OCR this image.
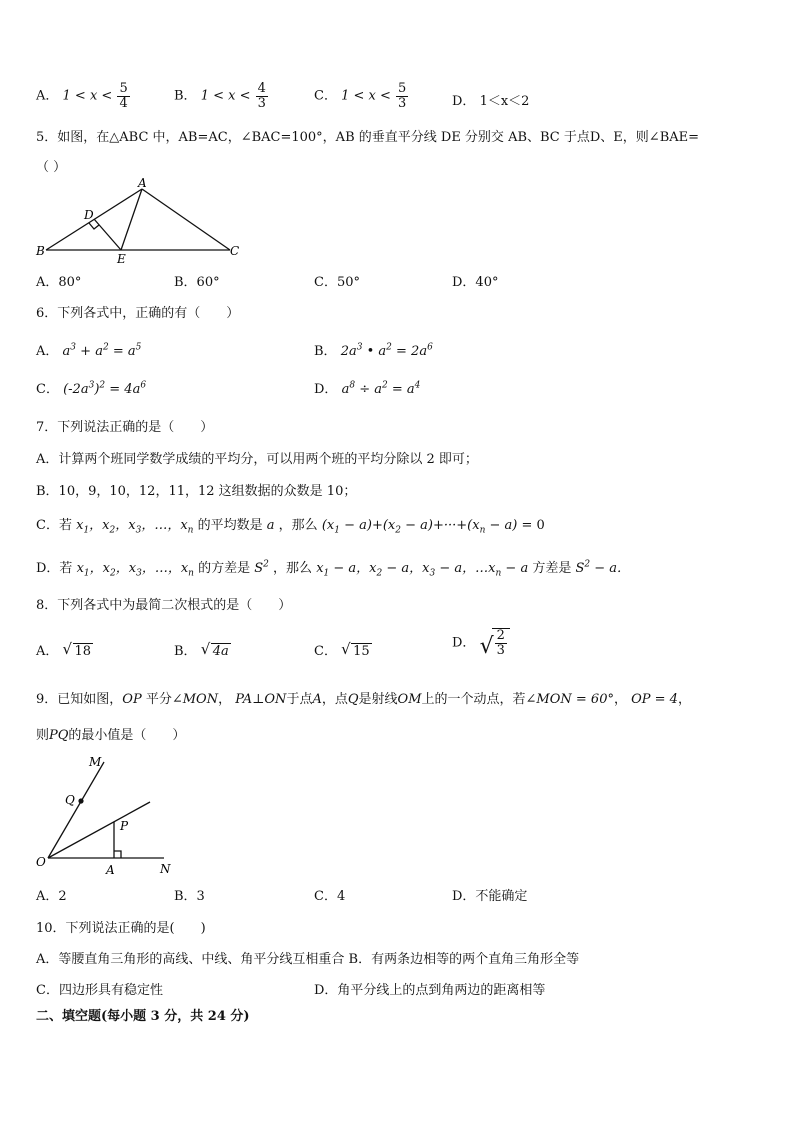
A． $1 < x < \frac{5}{4}$	B． $1 < x < \frac{4}{3}$	C． $1 < x < \frac{5}{3}$	D． 1＜x＜2
5．如图，在△ABC 中，AB=AC，∠BAC=100°，AB 的垂直平分线 DE 分别交 AB、BC 于点D、E，则∠BAE=
（ ）
A
B	C
D
E
A．80°	B．60°	C．50°	D．40°
6．下列各式中，正确的有（　　）
A． $a^3 + a^2 = a^5$	B． $2a^3$ • $a^2 = 2a^6$
C． $(-2a^3)^2 = 4a^6$	D． $a^8 \div a^2 = a^4$
7．下列说法正确的是（　　）
A．计算两个班同学数学成绩的平均分，可以用两个班的平均分除以 2 即可；
B．10，9，10，12，11，12 这组数据的众数是 10；
C．若 $x_1$，$x_2$，$x_3$，…，$x_n$ 的平均数是 a ，那么 $(x_1 - a)+(x_2 - a)+\cdot\cdot\cdot+(x_n - a) = 0$
D．若 $x_1$，$x_2$，$x_3$，…，$x_n$ 的方差是 $S^2$ ，那么 $x_1 - a$，$x_2 - a$，$x_3 - a$，$\dots x_n - a$ 方差是 $S^2 - a$．
8．下列各式中为最简二次根式的是（　　）
A． √ 18	B． √ 4a	C． √ 15
D． √ $\frac{2}{3}$
9．已知如图，OP 平分∠MON， PA⊥ON于点A，点Q是射线OM上的一个动点，若∠MON = 60°， OP = 4，
则PQ的最小值是（　　）
M
Q
P
O
A	N
A．2	B．3	C．4	D．不能确定
10．下列说法正确的是(　　)
A．等腰直角三角形的高线、中线、角平分线互相重合 B．有两条边相等的两个直角三角形全等
C．四边形具有稳定性	D．角平分线上的点到角两边的距离相等
二、填空题(每小题 3 分，共 24 分)
